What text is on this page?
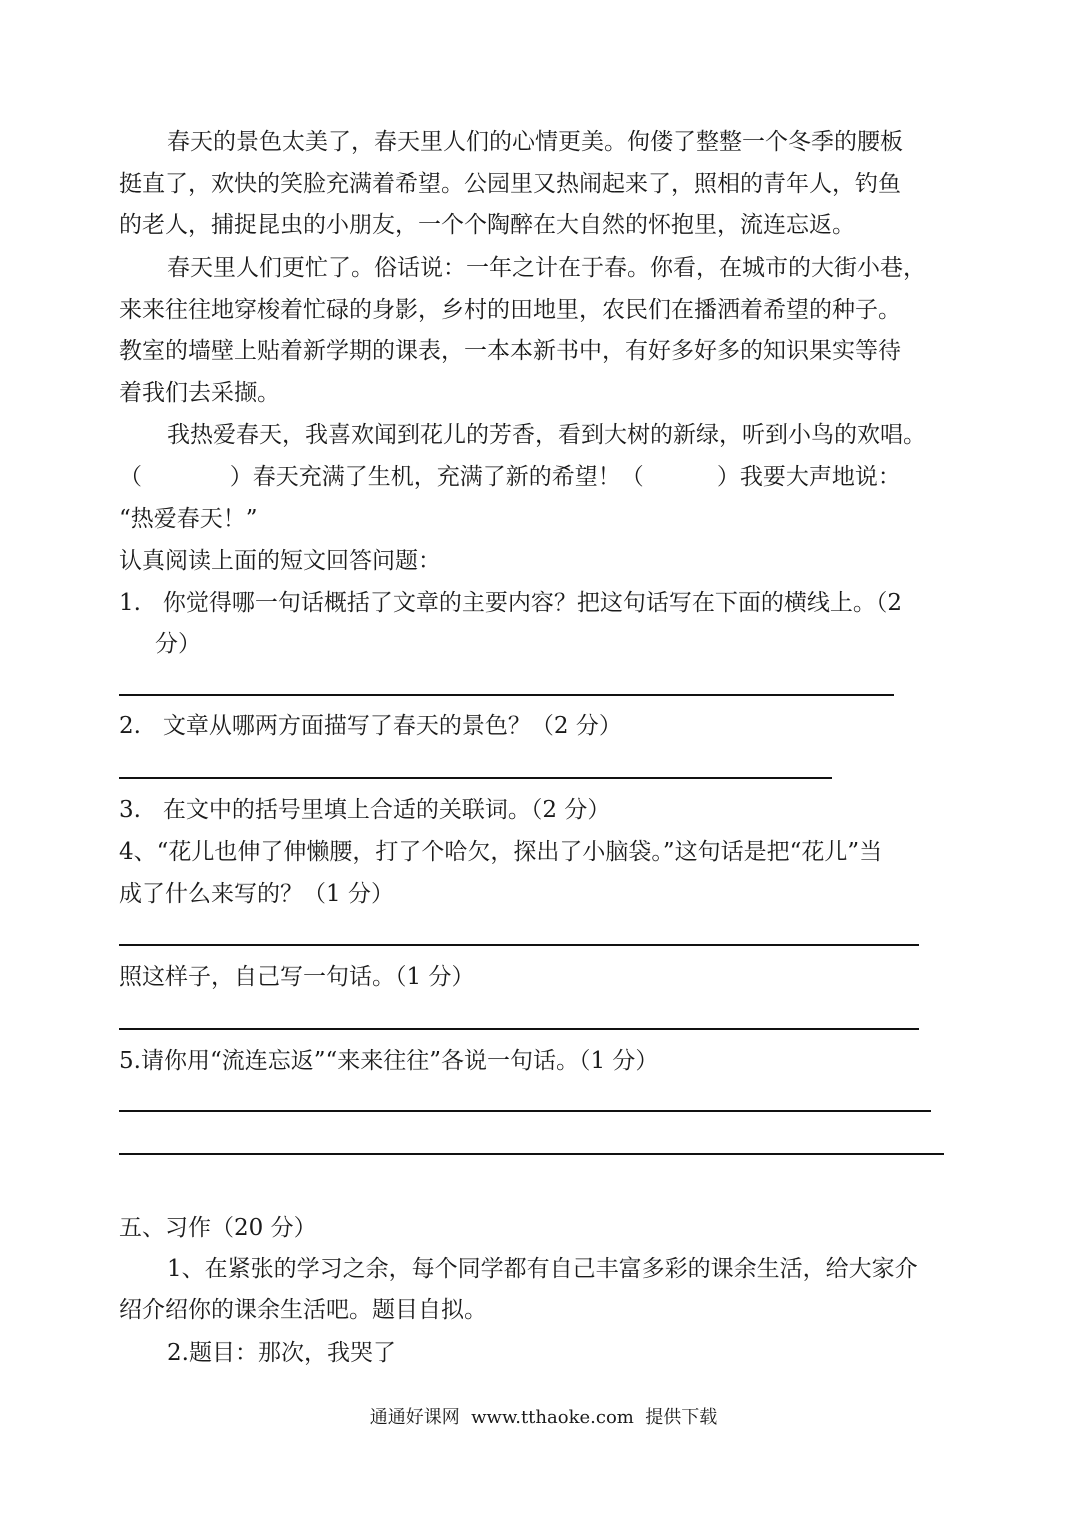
春天的景色太美了，春天里人们的心情更美。佝偻了整整一个冬季的腰板
挺直了，欢快的笑脸充满着希望。公园里又热闹起来了，照相的青年人，钓鱼
的老人，捕捉昆虫的小朋友，一个个陶醉在大自然的怀抱里，流连忘返。
春天里人们更忙了。俗话说：一年之计在于春。你看，在城市的大街小巷，
来来往往地穿梭着忙碌的身影，乡村的田地里，农民们在播洒着希望的种子。
教室的墙壁上贴着新学期的课表，一本本新书中，有好多好多的知识果实等待
着我们去采撷。
我热爱春天，我喜欢闻到花儿的芳香，看到大树的新绿，听到小鸟的欢唱。
（            ）春天充满了生机，充满了新的希望！（          ）我要大声地说：
“热爱春天！”
认真阅读上面的短文回答问题：
1.   你觉得哪一句话概括了文章的主要内容？把这句话写在下面的横线上。（2
分）
2.   文章从哪两方面描写了春天的景色？（2 分）
3.   在文中的括号里填上合适的关联词。（2 分）
4、“花儿也伸了伸懒腰，打了个哈欠，探出了小脑袋。”这句话是把“花儿”当
成了什么来写的？（1 分）
照这样子，自己写一句话。（1 分）
5.请你用“流连忘返”“来来往往”各说一句话。（1 分）
五、习作（20 分）
1、在紧张的学习之余，每个同学都有自己丰富多彩的课余生活，给大家介
绍介绍你的课余生活吧。题目自拟。
2.题目：那次，我哭了
通通好课网  www.tthaoke.com  提供下载
